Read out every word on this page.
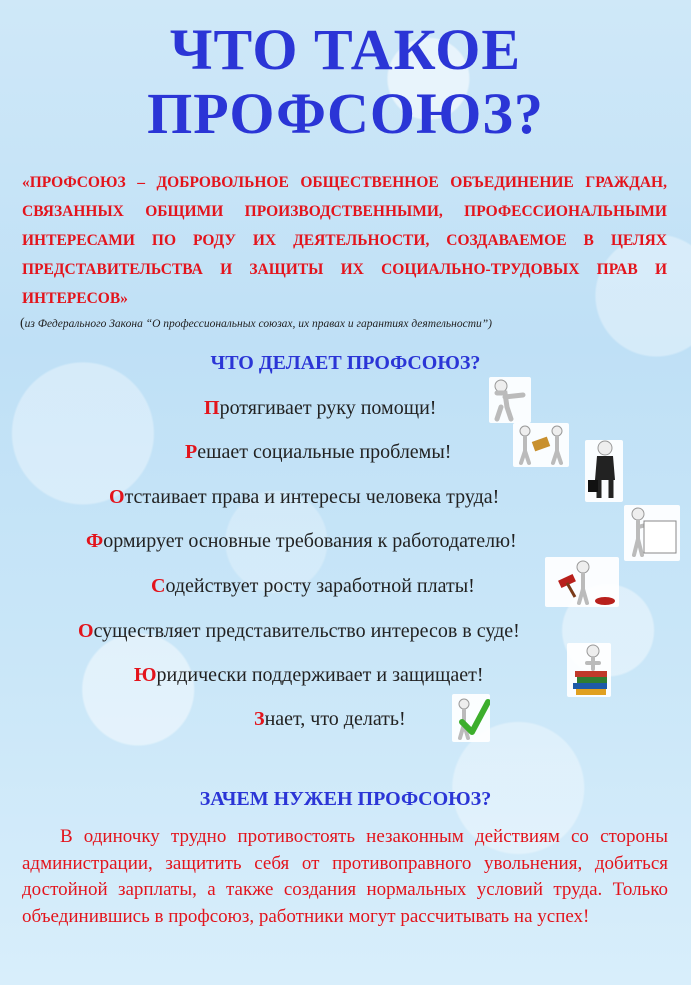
ЧТО ТАКОЕ
ПРОФСОЮЗ?
«ПРОФСОЮЗ – ДОБРОВОЛЬНОЕ ОБЩЕСТВЕННОЕ ОБЪЕДИНЕНИЕ ГРАЖДАН, СВЯЗАННЫХ ОБЩИМИ ПРОИЗВОДСТВЕННЫМИ, ПРОФЕССИОНАЛЬНЫМИ ИНТЕРЕСАМИ ПО РОДУ ИХ ДЕЯТЕЛЬНОСТИ, СОЗДАВАЕМОЕ В ЦЕЛЯХ ПРЕДСТАВИТЕЛЬСТВА И ЗАЩИТЫ ИХ СОЦИАЛЬНО-ТРУДОВЫХ ПРАВ И ИНТЕРЕСОВ»
(из Федерального Закона “О профессиональных союзах, их правах и гарантиях деятельности”)
ЧТО ДЕЛАЕТ ПРОФСОЮЗ?
Протягивает руку помощи!
Решает социальные проблемы!
Отстаивает права и интересы человека труда!
Формирует основные требования к работодателю!
Содействует росту заработной платы!
Осуществляет представительство интересов в суде!
Юридически поддерживает и защищает!
Знает, что делать!
ЗАЧЕМ НУЖЕН ПРОФСОЮЗ?
В одиночку трудно противостоять незаконным действиям со стороны администрации, защитить себя от противоправного увольнения, добиться достойной зарплаты, а также создания нормальных условий труда. Только объединившись в профсоюз, работники могут рассчитывать на успех!
